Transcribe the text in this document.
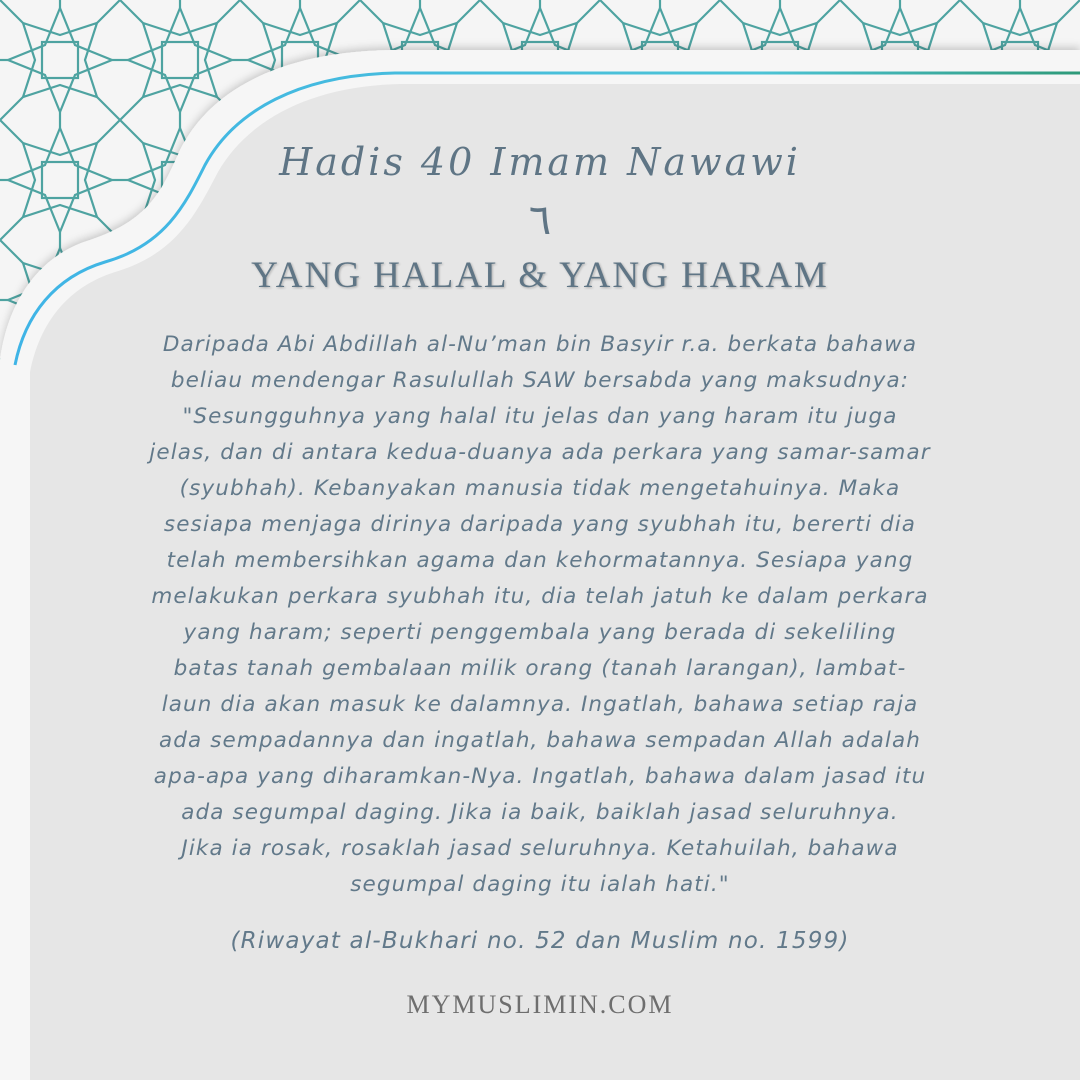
Hadis 40 Imam Nawawi
٦
YANG HALAL & YANG HARAM

Daripada Abi Abdillah al-Nu’man bin Basyir r.a. berkata bahawa
beliau mendengar Rasulullah SAW bersabda yang maksudnya:
"Sesungguhnya yang halal itu jelas dan yang haram itu juga
jelas, dan di antara kedua-duanya ada perkara yang samar-samar
(syubhah). Kebanyakan manusia tidak mengetahuinya. Maka
sesiapa menjaga dirinya daripada yang syubhah itu, bererti dia
telah membersihkan agama dan kehormatannya. Sesiapa yang
melakukan perkara syubhah itu, dia telah jatuh ke dalam perkara
yang haram; seperti penggembala yang berada di sekeliling
batas tanah gembalaan milik orang (tanah larangan), lambat-
laun dia akan masuk ke dalamnya. Ingatlah, bahawa setiap raja
ada sempadannya dan ingatlah, bahawa sempadan Allah adalah
apa-apa yang diharamkan-Nya. Ingatlah, bahawa dalam jasad itu
ada segumpal daging. Jika ia baik, baiklah jasad seluruhnya.
Jika ia rosak, rosaklah jasad seluruhnya. Ketahuilah, bahawa
segumpal daging itu ialah hati."

(Riwayat al-Bukhari no. 52 dan Muslim no. 1599)
MYMUSLIMIN.COM
